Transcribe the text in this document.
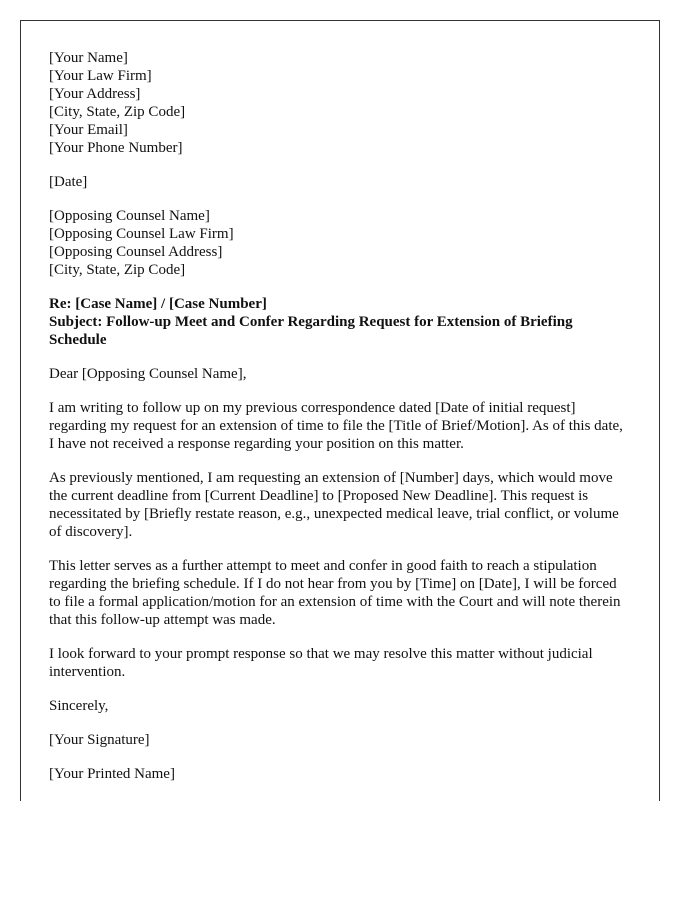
[Your Name]
[Your Law Firm]
[Your Address]
[City, State, Zip Code]
[Your Email]
[Your Phone Number]

[Date]

[Opposing Counsel Name]
[Opposing Counsel Law Firm]
[Opposing Counsel Address]
[City, State, Zip Code]
Re: [Case Name] / [Case Number]
Subject: Follow-up Meet and Confer Regarding Request for Extension of Briefing Schedule

Dear [Opposing Counsel Name],

I am writing to follow up on my previous correspondence dated [Date of initial request] regarding my request for an extension of time to file the [Title of Brief/Motion]. As of this date, I have not received a response regarding your position on this matter.

As previously mentioned, I am requesting an extension of [Number] days, which would move the current deadline from [Current Deadline] to [Proposed New Deadline]. This request is necessitated by [Briefly restate reason, e.g., unexpected medical leave, trial conflict, or volume of discovery].

This letter serves as a further attempt to meet and confer in good faith to reach a stipulation regarding the briefing schedule. If I do not hear from you by [Time] on [Date], I will be forced to file a formal application/motion for an extension of time with the Court and will note therein that this follow-up attempt was made.

I look forward to your prompt response so that we may resolve this matter without judicial intervention.

Sincerely,

[Your Signature]

[Your Printed Name]
